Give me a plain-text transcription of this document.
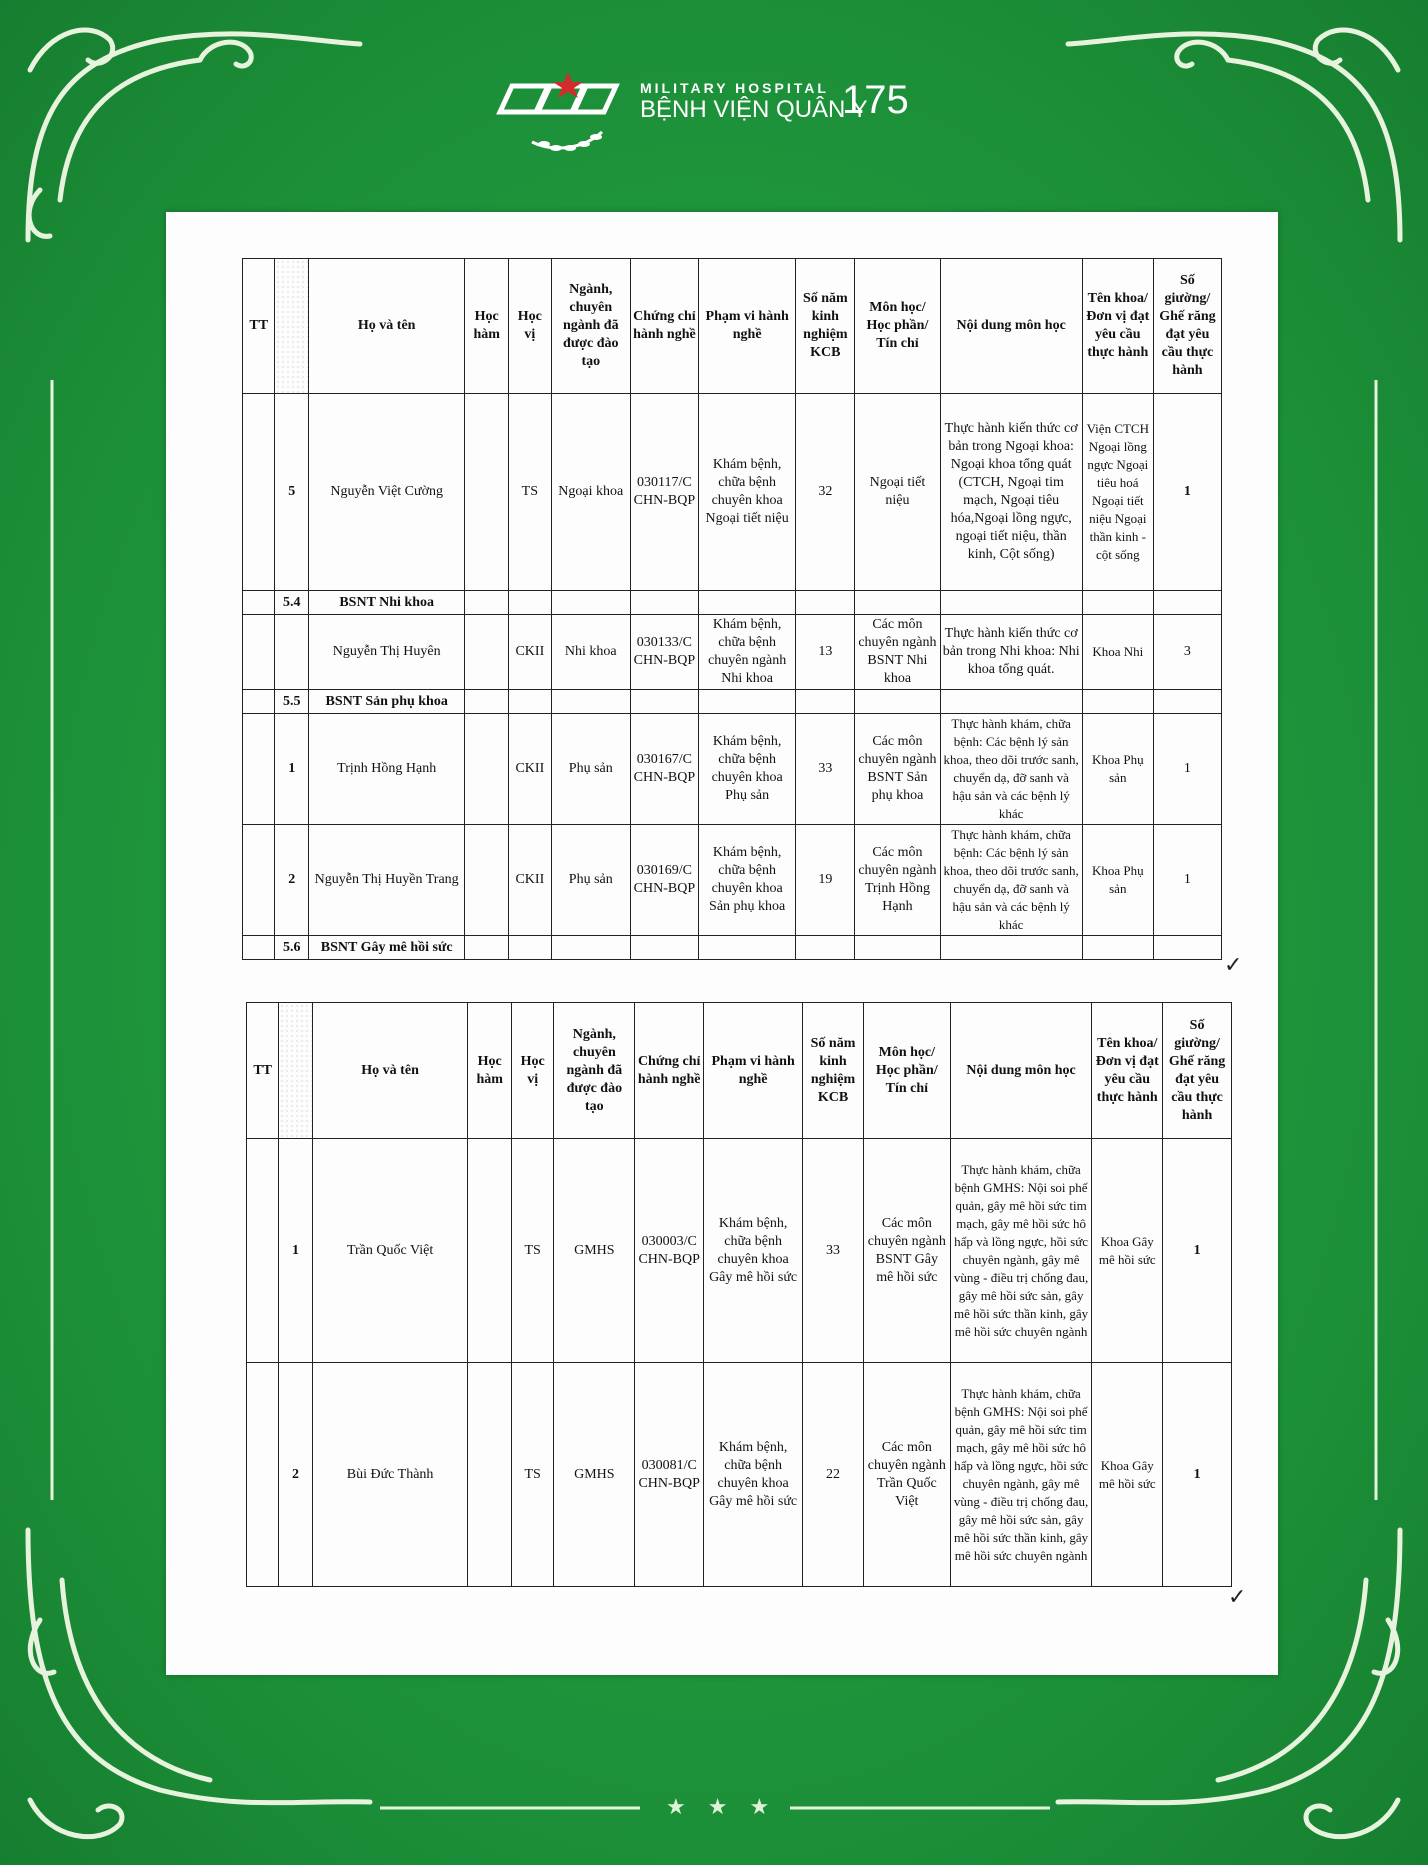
MILITARY HOSPITAL
BỆNH VIỆN QUÂN Y
175
TT		Họ và tên	Học hàm	Học vị	Ngành, chuyên ngành đã được đào tạo	Chứng chỉ hành nghề	Phạm vi hành nghề	Số năm kinh nghiệm KCB	Môn học/ Học phần/ Tín chỉ	Nội dung môn học	Tên khoa/ Đơn vị đạt yêu cầu thực hành	Số giường/ Ghế răng đạt yêu cầu thực hành
	5	Nguyễn Việt Cường		TS	Ngoại khoa	030117/C CHN-BQP	Khám bệnh, chữa bệnh chuyên khoa Ngoại tiết niệu	32	Ngoại tiết niệu	Thực hành kiến thức cơ bản trong Ngoại khoa: Ngoại khoa tổng quát (CTCH, Ngoại tim mạch, Ngoại tiêu hóa,Ngoại lồng ngực, ngoại tiết niệu, thần kinh, Cột sống)	Viện CTCH Ngoại lồng ngực Ngoại tiêu hoá Ngoại tiết niệu Ngoại thần kinh - cột sống	1
	5.4	BSNT Nhi khoa										
		Nguyễn Thị Huyên		CKII	Nhi khoa	030133/C CHN-BQP	Khám bệnh, chữa bệnh chuyên ngành Nhi khoa	13	Các môn chuyên ngành BSNT Nhi khoa	Thực hành kiến thức cơ bản trong Nhi khoa: Nhi khoa tổng quát.	Khoa Nhi	3
	5.5	BSNT Sản phụ khoa										
	1	Trịnh Hồng Hạnh		CKII	Phụ sản	030167/C CHN-BQP	Khám bệnh, chữa bệnh chuyên khoa Phụ sản	33	Các môn chuyên ngành BSNT Sản phụ khoa	Thực hành khám, chữa bệnh: Các bệnh lý sản khoa, theo dõi trước sanh, chuyển dạ, đỡ sanh và hậu sản và các bệnh lý khác	Khoa Phụ sản	1
	2	Nguyễn Thị Huyền Trang		CKII	Phụ sản	030169/C CHN-BQP	Khám bệnh, chữa bệnh chuyên khoa Sản phụ khoa	19	Các môn chuyên ngành Trịnh Hồng Hạnh	Thực hành khám, chữa bệnh: Các bệnh lý sản khoa, theo dõi trước sanh, chuyển dạ, đỡ sanh và hậu sản và các bệnh lý khác	Khoa Phụ sản	1
	5.6	BSNT Gây mê hồi sức										
✓
TT		Họ và tên	Học hàm	Học vị	Ngành, chuyên ngành đã được đào tạo	Chứng chỉ hành nghề	Phạm vi hành nghề	Số năm kinh nghiệm KCB	Môn học/ Học phần/ Tín chỉ	Nội dung môn học	Tên khoa/ Đơn vị đạt yêu cầu thực hành	Số giường/ Ghế răng đạt yêu cầu thực hành
	1	Trần Quốc Việt		TS	GMHS	030003/C CHN-BQP	Khám bệnh, chữa bệnh chuyên khoa Gây mê hồi sức	33	Các môn chuyên ngành BSNT Gây mê hồi sức	Thực hành khám, chữa bệnh GMHS: Nội soi phế quản, gây mê hồi sức tim mạch, gây mê hồi sức hô hấp và lồng ngực, hồi sức chuyên ngành, gây mê vùng - điều trị chống đau, gây mê hồi sức sản, gây mê hồi sức thần kinh, gây mê hồi sức chuyên ngành	Khoa Gây mê hồi sức	1
	2	Bùi Đức Thành		TS	GMHS	030081/C CHN-BQP	Khám bệnh, chữa bệnh chuyên khoa Gây mê hồi sức	22	Các môn chuyên ngành Trần Quốc Việt	Thực hành khám, chữa bệnh GMHS: Nội soi phế quản, gây mê hồi sức tim mạch, gây mê hồi sức hô hấp và lồng ngực, hồi sức chuyên ngành, gây mê vùng - điều trị chống đau, gây mê hồi sức sản, gây mê hồi sức thần kinh, gây mê hồi sức chuyên ngành	Khoa Gây mê hồi sức	1
✓
★★★
